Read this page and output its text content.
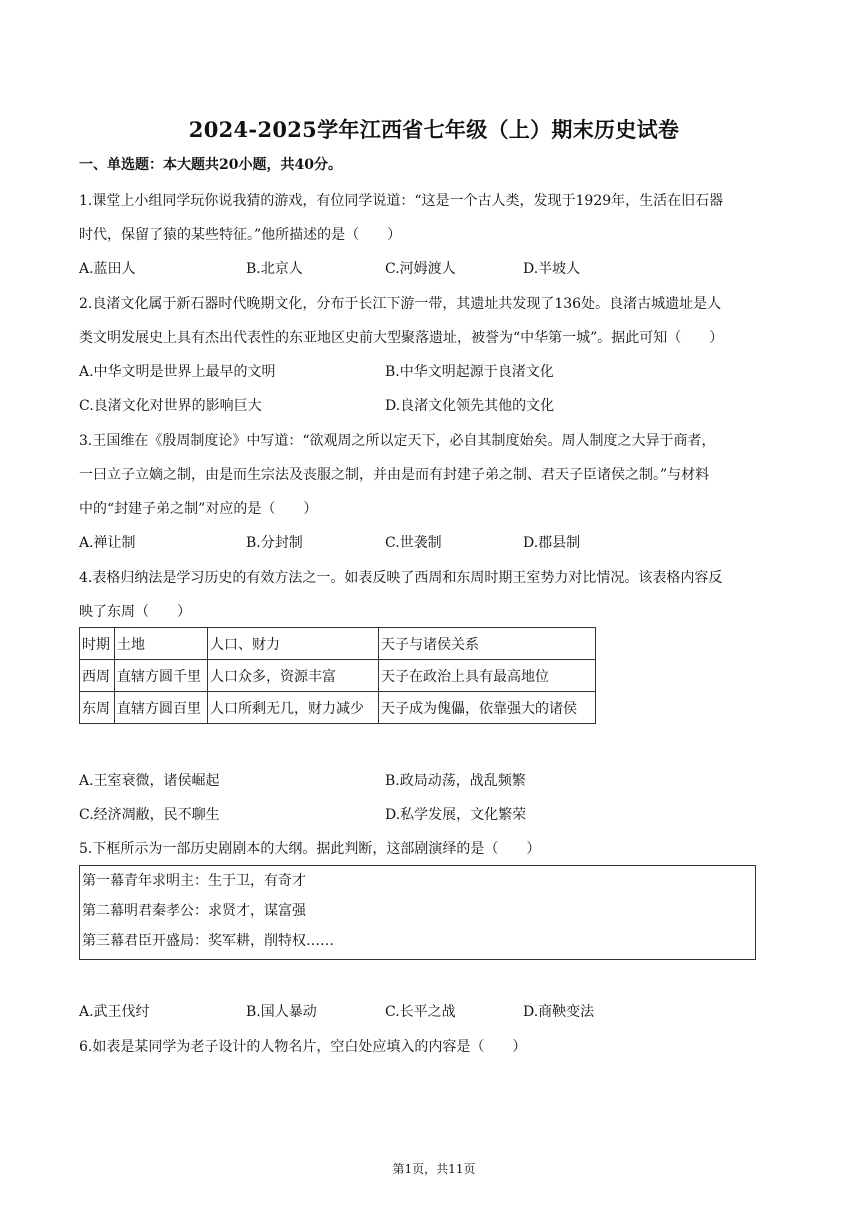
2024-2025学年江西省七年级（上）期末历史试卷
一、单选题：本大题共20小题，共40分。
1.课堂上小组同学玩你说我猜的游戏，有位同学说道：“这是一个古人类，发现于1929年，生活在旧石器
时代，保留了猿的某些特征。”他所描述的是（　　）
A.蓝田人	B.北京人	C.河姆渡人	D.半坡人
2.良渚文化属于新石器时代晚期文化，分布于长江下游一带，其遗址共发现了136处。良渚古城遗址是人
类文明发展史上具有杰出代表性的东亚地区史前大型聚落遗址，被誉为“中华第一城”。据此可知（　　）
A.中华文明是世界上最早的文明	B.中华文明起源于良渚文化
C.良渚文化对世界的影响巨大	D.良渚文化领先其他的文化
3.王国维在《殷周制度论》中写道：“欲观周之所以定天下，必自其制度始矣。周人制度之大异于商者，
一曰立子立嫡之制，由是而生宗法及丧服之制，并由是而有封建子弟之制、君天子臣诸侯之制。”与材料
中的“封建子弟之制”对应的是（　　）
A.禅让制	B.分封制	C.世袭制	D.郡县制
4.表格归纳法是学习历史的有效方法之一。如表反映了西周和东周时期王室势力对比情况。该表格内容反
映了东周（　　）
时期	土地	人口、财力	天子与诸侯关系
西周	直辖方圆千里	人口众多，资源丰富	天子在政治上具有最高地位
东周	直辖方圆百里	人口所剩无几，财力减少	天子成为傀儡，依靠强大的诸侯
A.王室衰微，诸侯崛起	B.政局动荡，战乱频繁
C.经济凋敝，民不聊生	D.私学发展，文化繁荣
5.下框所示为一部历史剧剧本的大纲。据此判断，这部剧演绎的是（　　）
第一幕青年求明主：生于卫，有奇才
第二幕明君秦孝公：求贤才，谋富强
第三幕君臣开盛局：奖军耕，削特权……
A.武王伐纣	B.国人暴动	C.长平之战	D.商鞅变法
6.如表是某同学为老子设计的人物名片，空白处应填入的内容是（　　）
第1页，共11页
